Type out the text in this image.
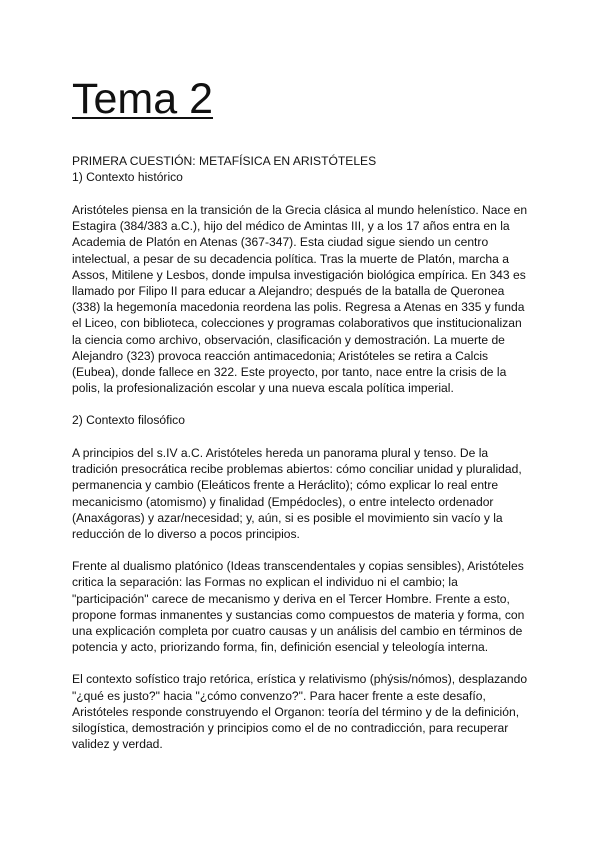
Tema 2
PRIMERA CUESTIÓN: METAFÍSICA EN ARISTÓTELES
1) Contexto histórico

Aristóteles piensa en la transición de la Grecia clásica al mundo helenístico. Nace en Estagira (384/383 a.C.), hijo del médico de Amintas III, y a los 17 años entra en la Academia de Platón en Atenas (367-347). Esta ciudad sigue siendo un centro intelectual, a pesar de su decadencia política. Tras la muerte de Platón, marcha a Assos, Mitilene y Lesbos, donde impulsa investigación biológica empírica. En 343 es llamado por Filipo II para educar a Alejandro; después de la batalla de Queronea (338) la hegemonía macedonia reordena las polis. Regresa a Atenas en 335 y funda el Liceo, con biblioteca, colecciones y programas colaborativos que institucionalizan la ciencia como archivo, observación, clasificación y demostración. La muerte de Alejandro (323) provoca reacción antimacedonia; Aristóteles se retira a Calcis (Eubea), donde fallece en 322. Este proyecto, por tanto, nace entre la crisis de la polis, la profesionalización escolar y una nueva escala política imperial.

2) Contexto filosófico

A principios del s.IV a.C. Aristóteles hereda un panorama plural y tenso. De la tradición presocrática recibe problemas abiertos: cómo conciliar unidad y pluralidad, permanencia y cambio (Eleáticos frente a Heráclito); cómo explicar lo real entre mecanicismo (atomismo) y finalidad (Empédocles), o entre intelecto ordenador (Anaxágoras) y azar/necesidad; y, aún, si es posible el movimiento sin vacío y la reducción de lo diverso a pocos principios.

Frente al dualismo platónico (Ideas transcendentales y copias sensibles), Aristóteles critica la separación: las Formas no explican el individuo ni el cambio; la "participación" carece de mecanismo y deriva en el Tercer Hombre. Frente a esto, propone formas inmanentes y sustancias como compuestos de materia y forma, con una explicación completa por cuatro causas y un análisis del cambio en términos de potencia y acto, priorizando forma, fin, definición esencial y teleología interna.

El contexto sofístico trajo retórica, erística y relativismo (phýsis/nómos), desplazando "¿qué es justo?" hacia "¿cómo convenzo?". Para hacer frente a este desafío, Aristóteles responde construyendo el Organon: teoría del término y de la definición, silogística, demostración y principios como el de no contradicción, para recuperar validez y verdad.
